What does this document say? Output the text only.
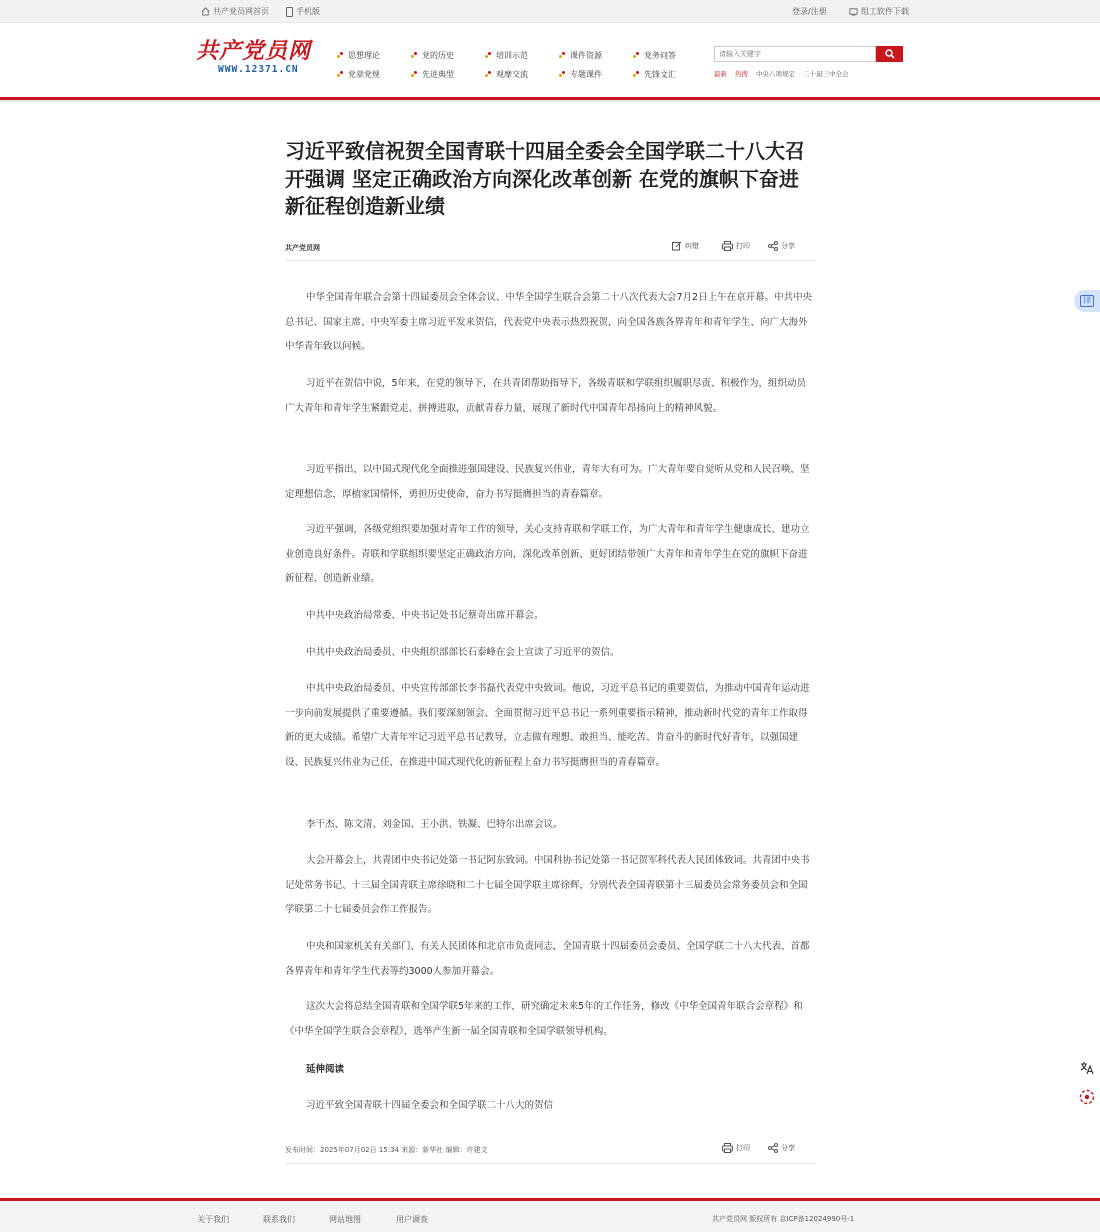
共产党员网首页	手机版	登录/注册	组工软件下载
共产党员网
WWW.12371.CN
思想理论	党的历史	培训示范	课件资源	党务问答
党章党规	先进典型	观摩交流	专题课件	先锋文汇
请输入关键字	最新 热搜 中央八项规定 二十届三中全会
习近平致信祝贺全国青联十四届全委会全国学联二十八大召开强调 坚定正确政治方向深化改革创新 在党的旗帜下奋进新征程创造新业绩
共产党员网	纠错	打印	分享

中华全国青年联合会第十四届委员会全体会议、中华全国学生联合会第二十八次代表大会7月2日上午在京开幕。中共中央总书记、国家主席、中央军委主席习近平发来贺信，代表党中央表示热烈祝贺，向全国各族各界青年和青年学生、向广大海外中华青年致以问候。

习近平在贺信中说，5年来，在党的领导下，在共青团帮助指导下，各级青联和学联组织履职尽责、积极作为，组织动员广大青年和青年学生紧跟党走、拼搏进取，贡献青春力量，展现了新时代中国青年昂扬向上的精神风貌。

习近平指出，以中国式现代化全面推进强国建设、民族复兴伟业，青年大有可为。广大青年要自觉听从党和人民召唤，坚定理想信念，厚植家国情怀，勇担历史使命，奋力书写挺膺担当的青春篇章。

习近平强调，各级党组织要加强对青年工作的领导，关心支持青联和学联工作，为广大青年和青年学生健康成长、建功立业创造良好条件。青联和学联组织要坚定正确政治方向，深化改革创新，更好团结带领广大青年和青年学生在党的旗帜下奋进新征程、创造新业绩。

中共中央政治局常委、中央书记处书记蔡奇出席开幕会。

中共中央政治局委员、中央组织部部长石泰峰在会上宣读了习近平的贺信。

中共中央政治局委员、中央宣传部部长李书磊代表党中央致词。他说，习近平总书记的重要贺信，为推动中国青年运动进一步向前发展提供了重要遵循。我们要深刻领会、全面贯彻习近平总书记一系列重要指示精神，推动新时代党的青年工作取得新的更大成绩。希望广大青年牢记习近平总书记教导，立志做有理想、敢担当、能吃苦、肯奋斗的新时代好青年，以强国建设、民族复兴伟业为己任，在推进中国式现代化的新征程上奋力书写挺膺担当的青春篇章。

李干杰、陈文清、刘金国、王小洪、铁凝、巴特尔出席会议。

大会开幕会上，共青团中央书记处第一书记阿东致词。中国科协书记处第一书记贺军科代表人民团体致词。共青团中央书记处常务书记、十三届全国青联主席徐晓和二十七届全国学联主席徐辉，分别代表全国青联第十三届委员会常务委员会和全国学联第二十七届委员会作工作报告。

中央和国家机关有关部门、有关人民团体和北京市负责同志，全国青联十四届委员会委员、全国学联二十八大代表、首都各界青年和青年学生代表等约3000人参加开幕会。

这次大会将总结全国青联和全国学联5年来的工作，研究确定未来5年的工作任务，修改《中华全国青年联合会章程》和《中华全国学生联合会章程》，选举产生新一届全国青联和全国学联领导机构。

延伸阅读
习近平致全国青联十四届全委会和全国学联二十八大的贺信
发布时间：2025年07月02日 15:34 来源：新华社 编辑：许建文	打印	分享
译
关于我们	联系我们	网站地图	用户调查	共产党员网 版权所有 京ICP备12024990号-1
